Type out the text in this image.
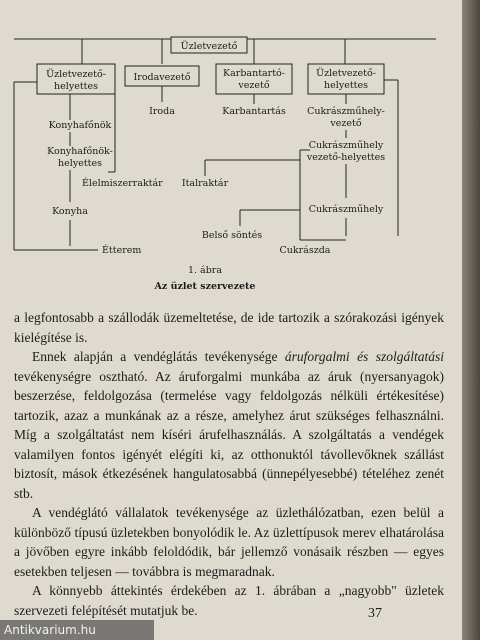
Üzletvezető
Üzletvezető-
helyettes
Irodavezető	Karbantartó-
vezető
Üzletvezető-
helyettes
Konyhafőnök
Konyhafőnök-
helyettes
Élelmiszerraktár
Konyha
Étterem
Iroda	Karbantartás Cukrászműhely-
vezető
Cukrászműhely
vezető-helyettes
Cukrászműhely
Italraktár
Belső söntés
Cukrászda
1. ábra
Az üzlet szervezete

a legfontosabb a szállodák üzemeltetése, de ide tartozik a szórakozási igények kielégítése is.

Ennek alapján a vendéglátás tevékenysége áruforgalmi és szolgáltatási tevékenységre osztható. Az áruforgalmi munkába az áruk (nyersanyagok) beszerzése, feldolgozása (termelése vagy feldolgozás nélküli értékesítése) tartozik, azaz a munkának az a része, amelyhez árut szükséges felhasználni. Míg a szolgáltatást nem kíséri árufelhasználás. A szolgáltatás a vendégek valamilyen fontos igényét elégíti ki, az otthonuktól távollevőknek szállást biztosít, mások étkezésének hangulatosabbá (ünnepélyesebbé) tételéhez zenét stb.

A vendéglátó vállalatok tevékenysége az üzlethálózatban, ezen belül a különböző típusú üzletekben bonyolódik le. Az üzlettípusok merev elhatárolása a jövőben egyre inkább feloldódik, bár jellemző vonásaik részben — egyes esetekben teljesen — továbbra is megmaradnak.

A könnyebb áttekintés érdekében az 1. ábrában a „nagyobb" üzletek szervezeti felépítését mutatjuk be.	37
Antikvarium.hu
